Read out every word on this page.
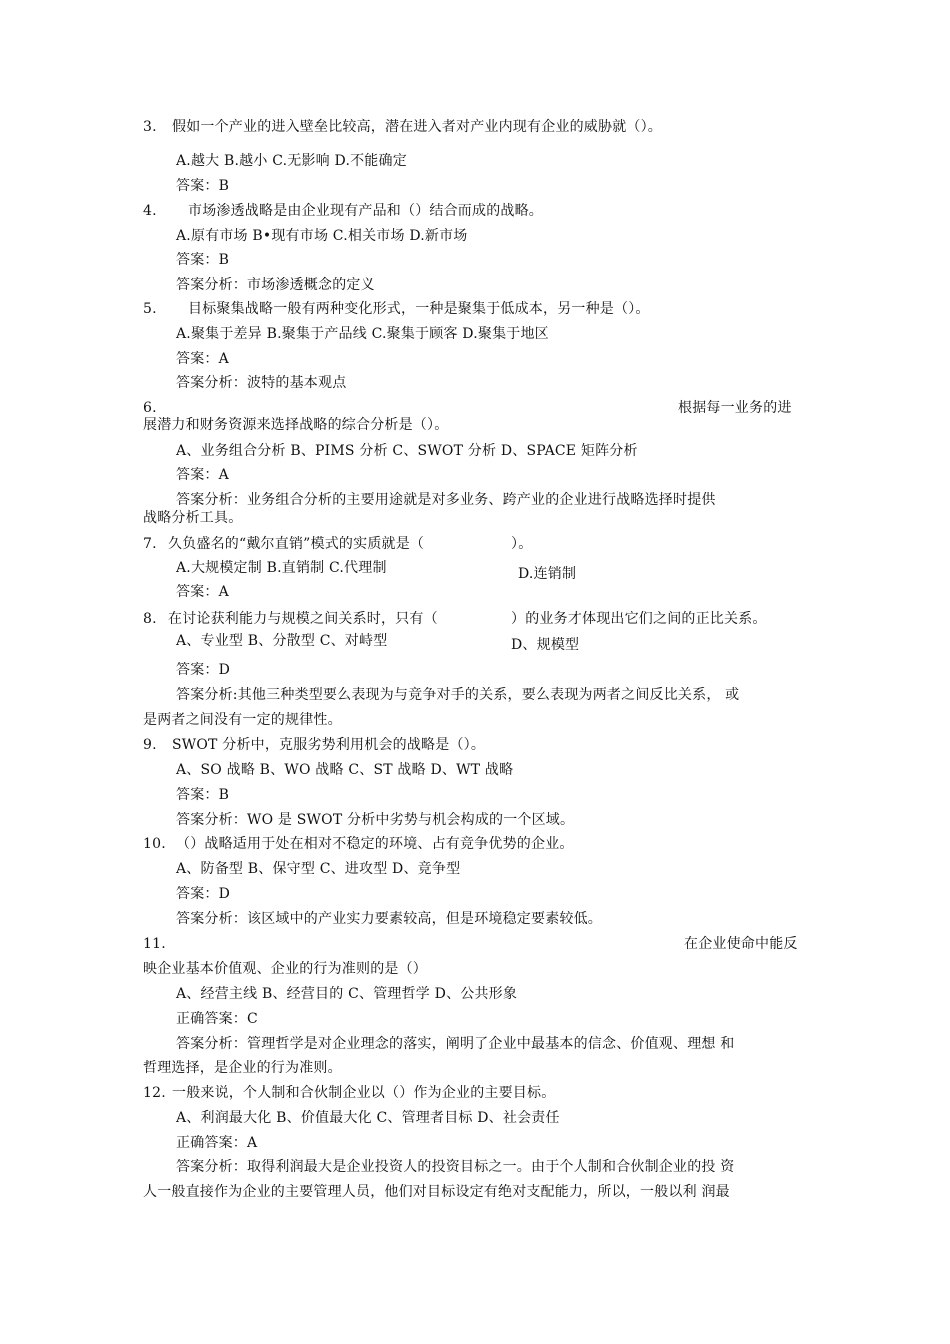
3. 假如一个产业的进入壁垒比较高，潜在进入者对产业内现有企业的威胁就（）。
A.越大 B.越小 C.无影响 D.不能确定
答案：B
4. 市场渗透战略是由企业现有产品和（）结合而成的战略。
A.原有市场 B•现有市场 C.相关市场 D.新市场
答案：B
答案分析：市场渗透概念的定义
5. 目标聚集战略一般有两种变化形式，一种是聚集于低成本，另一种是（）。
A.聚集于差异 B.聚集于产品线 C.聚集于顾客 D.聚集于地区
答案：A
答案分析：波特的基本观点
6.	根据每一业务的进
展潜力和财务资源来选择战略的综合分析是（）。
A、业务组合分析 B、PIMS 分析 C、SWOT 分析 D、SPACE 矩阵分析
答案：A
答案分析：业务组合分析的主要用途就是对多业务、跨产业的企业进行战略选择时提供
战略分析工具。
7. 久负盛名的“戴尔直销”模式的实质就是（	）。
A.大规模定制 B.直销制 C.代理制	D.连销制
答案：A
8. 在讨论获利能力与规模之间关系时，只有（	）的业务才体现出它们之间的正比关系。
A、专业型 B、分散型 C、对峙型	D、规模型
答案：D
答案分析:其他三种类型要么表现为与竞争对手的关系，要么表现为两者之间反比关系， 或
是两者之间没有一定的规律性。
9. SWOT 分析中，克服劣势利用机会的战略是（）。
A、SO 战略 B、WO 战略 C、ST 战略 D、WT 战略
答案：B
答案分析：WO 是 SWOT 分析中劣势与机会构成的一个区域。
10. （）战略适用于处在相对不稳定的环境、占有竞争优势的企业。
A、防备型 B、保守型 C、进攻型 D、竞争型
答案：D
答案分析：该区域中的产业实力要素较高，但是环境稳定要素较低。
11.	在企业使命中能反
映企业基本价值观、企业的行为准则的是（）
A、经营主线 B、经营目的 C、管理哲学 D、公共形象
正确答案：C
答案分析：管理哲学是对企业理念的落实，阐明了企业中最基本的信念、价值观、理想 和
哲理选择，是企业的行为准则。
12. 一般来说，个人制和合伙制企业以（）作为企业的主要目标。
A、利润最大化 B、价值最大化 C、管理者目标 D、社会责任
正确答案：A
答案分析：取得利润最大是企业投资人的投资目标之一。由于个人制和合伙制企业的投 资
人一般直接作为企业的主要管理人员，他们对目标设定有绝对支配能力，所以，一般以利 润最
